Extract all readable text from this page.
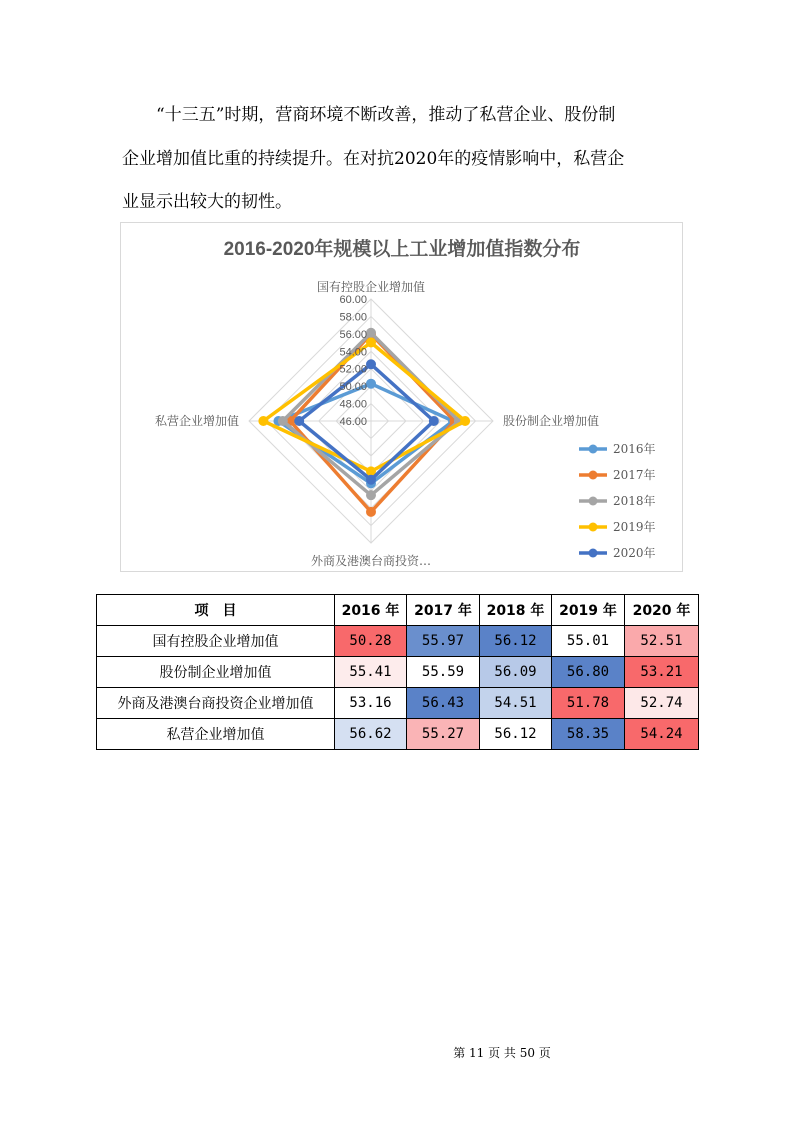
“十三五”时期，营商环境不断改善，推动了私营企业、股份制

企业增加值比重的持续提升。在对抗2020年的疫情影响中，私营企

业显示出较大的韧性。

2016-2020年规模以上工业增加值指数分布
46.00
48.00
50.00
52.00
54.00
56.00
58.00
60.00
国有控股企业增加值
股份制企业增加值
外商及港澳台商投资…
私营企业增加值
2016年
2017年
2018年
2019年
2020年
项　目	2016 年	2017 年	2018 年	2019 年	2020 年
国有控股企业增加值	50.28	55.97	56.12	55.01	52.51
股份制企业增加值	55.41	55.59	56.09	56.80	53.21
外商及港澳台商投资企业增加值	53.16	56.43	54.51	51.78	52.74
私营企业增加值	56.62	55.27	56.12	58.35	54.24
第 11 页 共 50 页
